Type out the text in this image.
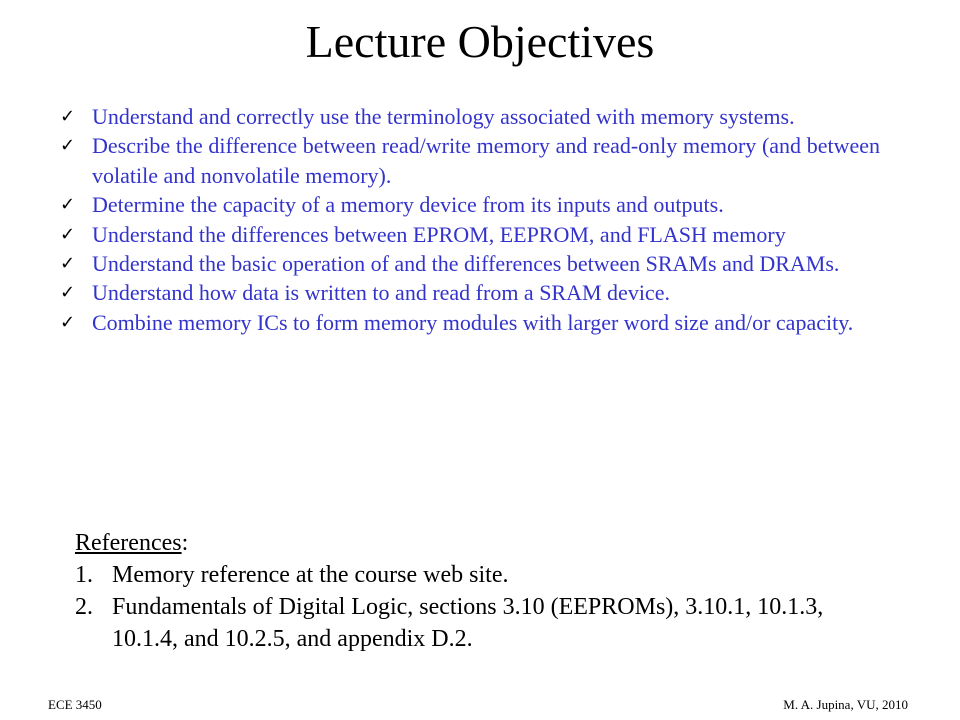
Lecture Objectives
✓ Understand and correctly use the terminology associated with memory systems.
✓ Describe the difference between read/write memory and read-only memory (and between volatile and nonvolatile memory).
✓ Determine the capacity of a memory device from its inputs and outputs.
✓ Understand the differences between EPROM, EEPROM, and FLASH memory
✓ Understand the basic operation of and the differences between SRAMs and DRAMs.
✓ Understand how data is written to and read from a SRAM device.
✓ Combine memory ICs to form memory modules with larger word size and/or capacity.
References:
1. Memory reference at the course web site.
2. Fundamentals of Digital Logic, sections 3.10 (EEPROMs), 3.10.1, 10.1.3, 10.1.4, and 10.2.5, and appendix D.2.
ECE 3450	M. A. Jupina, VU, 2010
